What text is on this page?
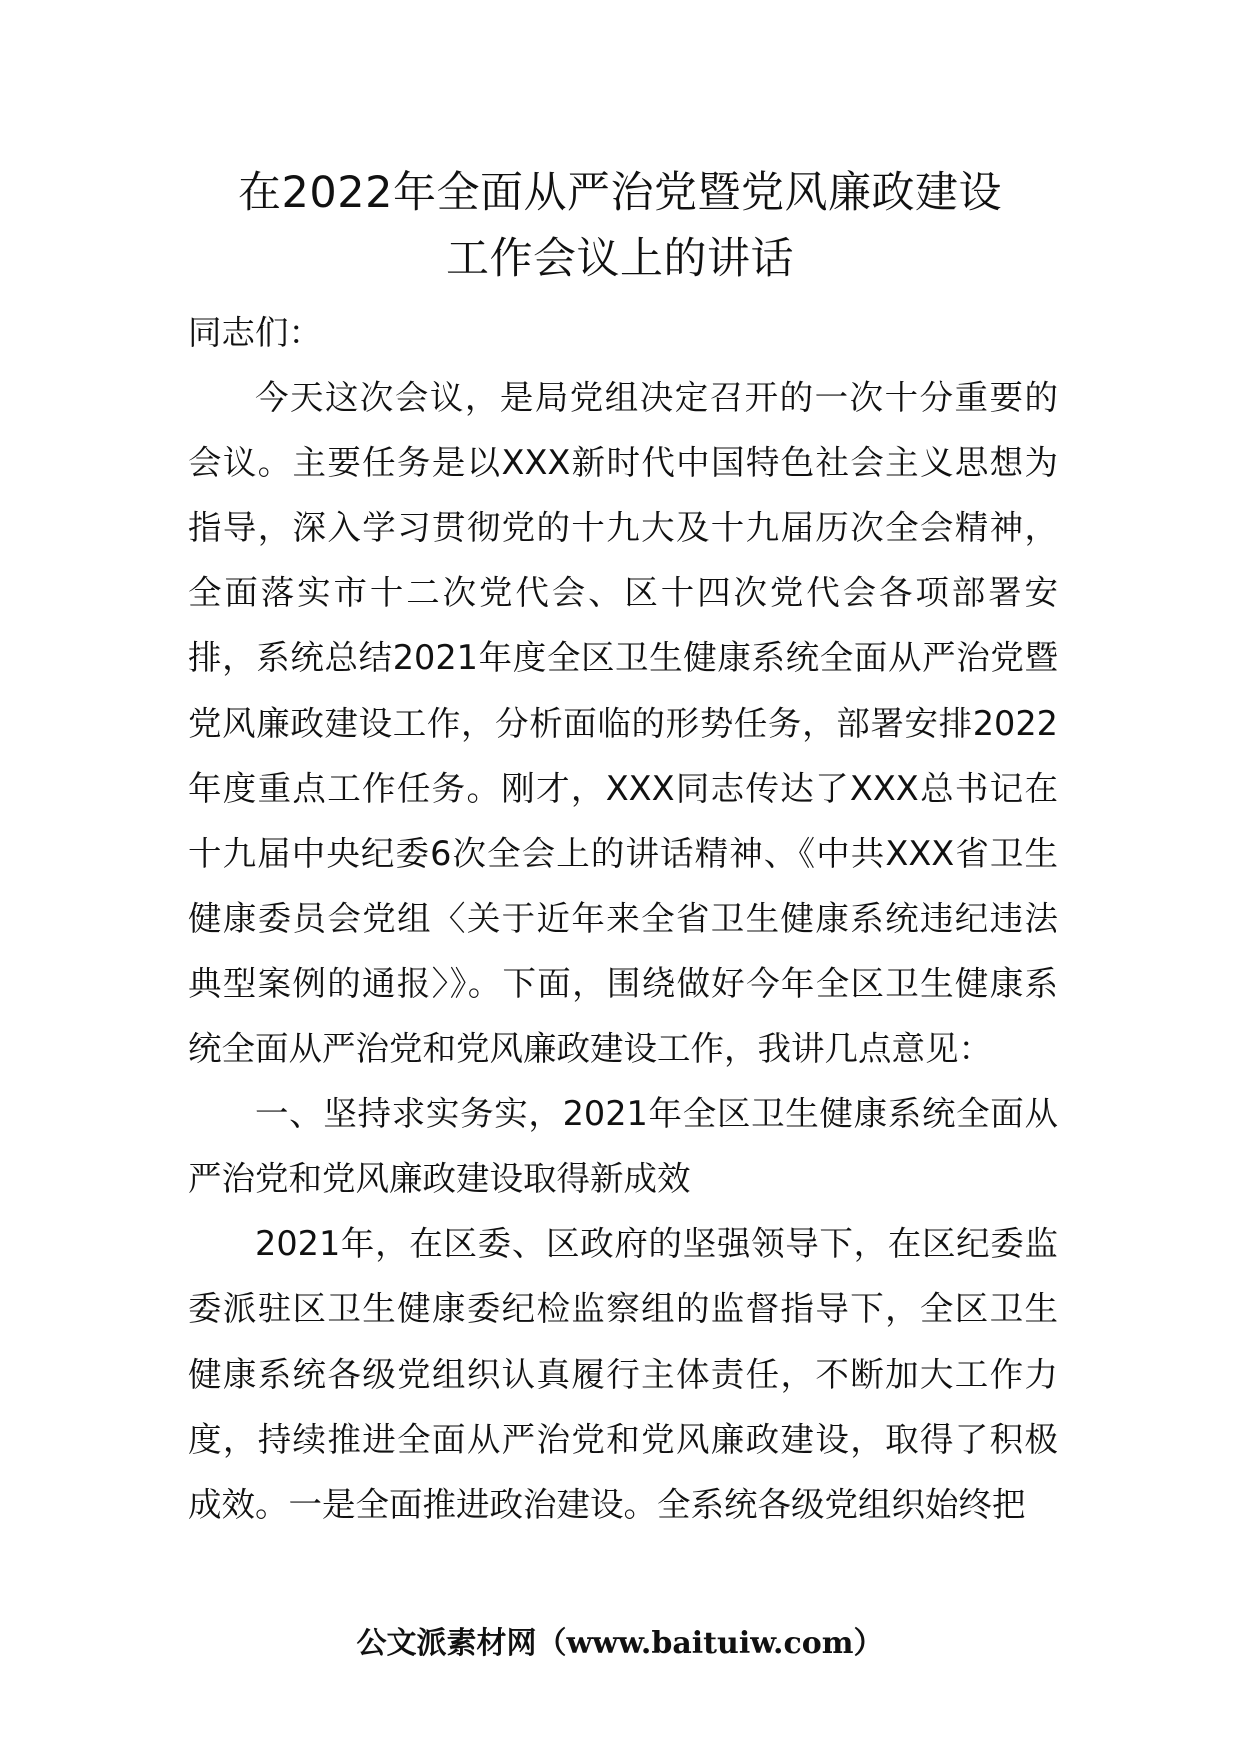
在2022年全面从严治党暨党风廉政建设
工作会议上的讲话

同志们：

今天这次会议，是局党组决定召开的一次十分重要的会议。主要任务是以XXX新时代中国特色社会主义思想为指导，深入学习贯彻党的十九大及十九届历次全会精神，全面落实市十二次党代会、区十四次党代会各项部署安排，系统总结2021年度全区卫生健康系统全面从严治党暨党风廉政建设工作，分析面临的形势任务，部署安排2022年度重点工作任务。刚才，XXX同志传达了XXX总书记在十九届中央纪委6次全会上的讲话精神、《中共XXX省卫生健康委员会党组〈关于近年来全省卫生健康系统违纪违法典型案例的通报〉》。下面，围绕做好今年全区卫生健康系统全面从严治党和党风廉政建设工作，我讲几点意见：

一、坚持求实务实，2021年全区卫生健康系统全面从严治党和党风廉政建设取得新成效

2021年，在区委、区政府的坚强领导下，在区纪委监委派驻区卫生健康委纪检监察组的监督指导下，全区卫生健康系统各级党组织认真履行主体责任，不断加大工作力度，持续推进全面从严治党和党风廉政建设，取得了积极成效。一是全面推进政治建设。全系统各级党组织始终把

公文派素材网（www.baituiw.com）
